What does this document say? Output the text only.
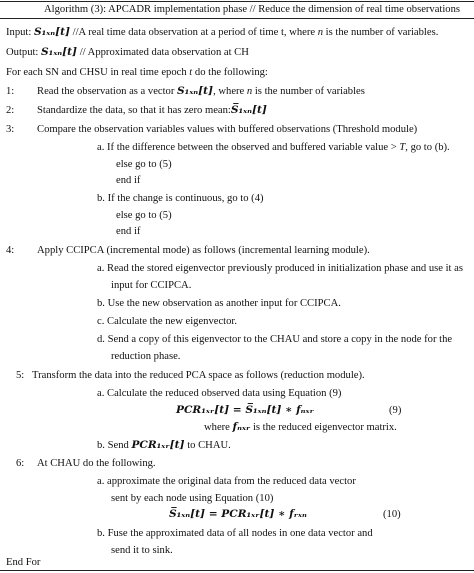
Algorithm (3): APCADR implementation phase // Reduce the dimension of real time observations
Input: S₁ₓₙ[t] //A real time data observation at a period of time t, where n is the number of variables.
Output: S₁ₓₙ[t] // Approximated data observation at CH
For each SN and CHSU in real time epoch t do the following:
1: Read the observation as a vector S₁ₓₙ[t], where n is the number of variables
2: Standardize the data, so that it has zero mean:S̅₁ₓₙ[t]
3: Compare the observation variables values with buffered observations (Threshold module)
a. If the difference between the observed and buffered variable value > T, go to (b).
else go to (5)
end if
b. If the change is continuous, go to (4)
else go to (5)
end if
4: Apply CCIPCA (incremental mode) as follows (incremental learning module).
a. Read the stored eigenvector previously produced in initialization phase and use it as
input for CCIPCA.
b. Use the new observation as another input for CCIPCA.
c. Calculate the new eigenvector.
d. Send a copy of this eigenvector to the CHAU and store a copy in the node for the
reduction phase.
5: Transform the data into the reduced PCA space as follows (reduction module).
a. Calculate the reduced observed data using Equation (9)
PCR₁ₓᵣ[t] = S̅₁ₓₙ[t] ∗ fₙₓᵣ	(9)
where fₙₓᵣ is the reduced eigenvector matrix.
b. Send PCR₁ₓᵣ[t] to CHAU.
6: At CHAU do the following.
a. approximate the original data from the reduced data vector
sent by each node using Equation (10)
S̅₁ₓₙ[t] = PCR₁ₓᵣ[t] ∗ fᵣₓₙ	(10)
b. Fuse the approximated data of all nodes in one data vector and
send it to sink.
End For
